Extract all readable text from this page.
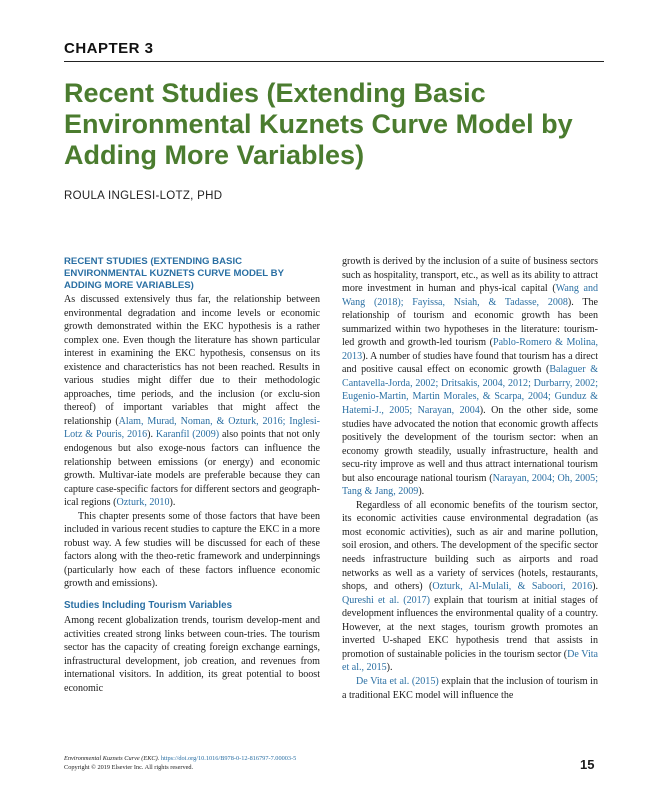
CHAPTER 3
Recent Studies (Extending Basic Environmental Kuznets Curve Model by Adding More Variables)
ROULA INGLESI-LOTZ, PHD
RECENT STUDIES (EXTENDING BASIC ENVIRONMENTAL KUZNETS CURVE MODEL BY ADDING MORE VARIABLES)

As discussed extensively thus far, the relationship between environmental degradation and income levels or economic growth demonstrated within the EKC hypothesis is a rather complex one. Even though the literature has shown particular interest in examining the EKC hypothesis, consensus on its existence and characteristics has not been reached. Results in various studies might differ due to their methodologic approaches, time periods, and the inclusion (or exclu-sion thereof) of important variables that might affect the relationship (Alam, Murad, Noman, & Ozturk, 2016; Inglesi-Lotz & Pouris, 2016). Karanfil (2009) also points that not only endogenous but also exoge-nous factors can influence the relationship between emissions (or energy) and economic growth. Multivar-iate models are preferable because they can capture case-specific factors for different sectors and geograph-ical regions (Ozturk, 2010).

This chapter presents some of those factors that have been included in various recent studies to capture the EKC in a more robust way. A few studies will be discussed for each of these factors along with the theo-retic framework and underpinnings (particularly how each of these factors influence economic growth and emissions).

Studies Including Tourism Variables

Among recent globalization trends, tourism develop-ment and activities created strong links between coun-tries. The tourism sector has the capacity of creating foreign exchange earnings, infrastructural development, job creation, and revenues from international visitors. In addition, its great potential to boost economic

growth is derived by the inclusion of a suite of business sectors such as hospitality, transport, etc., as well as its ability to attract more investment in human and phys-ical capital (Wang and Wang (2018); Fayissa, Nsiah, & Tadasse, 2008). The relationship of tourism and economic growth has been summarized within two hypotheses in the literature: tourism-led growth and growth-led tourism (Pablo-Romero & Molina, 2013). A number of studies have found that tourism has a direct and positive causal effect on economic growth (Balaguer & Cantavella-Jorda, 2002; Dritsakis, 2004, 2012; Durbarry, 2002; Eugenio-Martin, Martin Morales, & Scarpa, 2004; Gunduz & Hatemi-J., 2005; Narayan, 2004). On the other side, some studies have advocated the notion that economic growth affects positively the development of the tourism sector: when an economy growth steadily, usually infrastructure, health and secu-rity improve as well and thus attract international tourism but also encourage national tourism (Narayan, 2004; Oh, 2005; Tang & Jang, 2009).

Regardless of all economic benefits of the tourism sector, its economic activities cause environmental degradation (as most economic activities), such as air and marine pollution, soil erosion, and others. The development of the specific sector needs infrastructure building such as airports and road networks as well as a variety of services (hotels, restaurants, shops, and others) (Ozturk, Al-Mulali, & Saboori, 2016). Qureshi et al. (2017) explain that tourism at initial stages of development influences the environmental quality of a country. However, at the next stages, tourism growth promotes an inverted U-shaped EKC hypothesis trend that assists in promotion of sustainable policies in the tourism sector (De Vita et al., 2015).

De Vita et al. (2015) explain that the inclusion of tourism in a traditional EKC model will influence the

Environmental Kuznets Curve (EKC). https://doi.org/10.1016/B978-0-12-816797-7.00003-5
Copyright © 2019 Elsevier Inc. All rights reserved.	15
